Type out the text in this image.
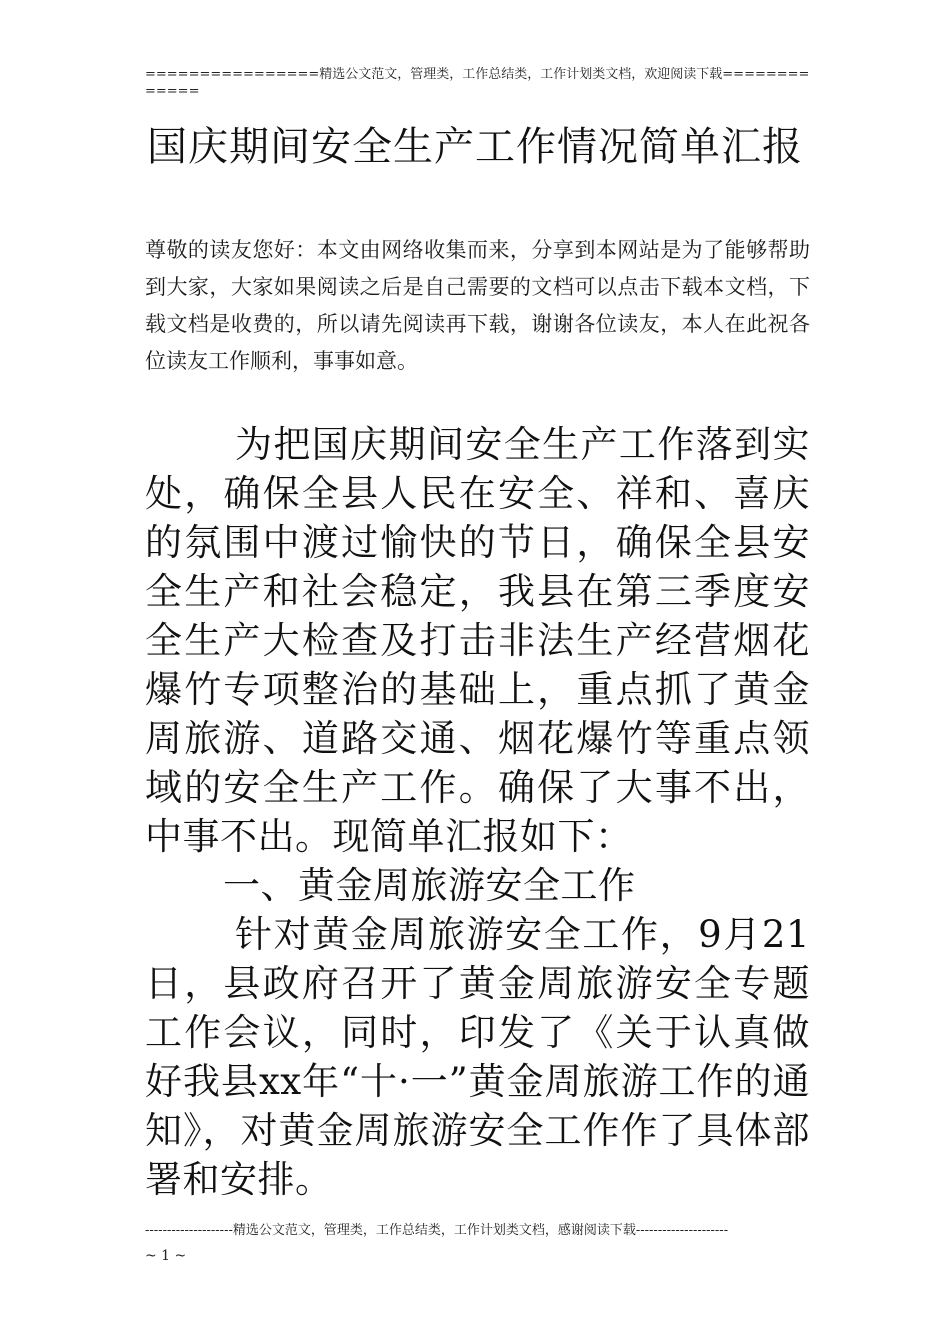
================精选公文范文，管理类，工作总结类，工作计划类文档，欢迎阅读下载=============
国庆期间安全生产工作情况简单汇报
尊敬的读友您好：本文由网络收集而来，分享到本网站是为了能够帮助到大家，大家如果阅读之后是自己需要的文档可以点击下载本文档，下载文档是收费的，所以请先阅读再下载，谢谢各位读友，本人在此祝各位读友工作顺利，事事如意。

为把国庆期间安全生产工作落到实处，确保全县人民在安全、祥和、喜庆的氛围中渡过愉快的节日，确保全县安全生产和社会稳定，我县在第三季度安全生产大检查及打击非法生产经营烟花爆竹专项整治的基础上，重点抓了黄金周旅游、道路交通、烟花爆竹等重点领域的安全生产工作。确保了大事不出，中事不出。现简单汇报如下：

一、黄金周旅游安全工作

针对黄金周旅游安全工作，9月21日，县政府召开了黄金周旅游安全专题工作会议，同时，印发了《关于认真做好我县xx年“十·一”黄金周旅游工作的通知》，对黄金周旅游安全工作作了具体部署和安排。

--------------------精选公文范文，管理类，工作总结类，工作计划类文档，感谢阅读下载---------------------
~ 1 ~
